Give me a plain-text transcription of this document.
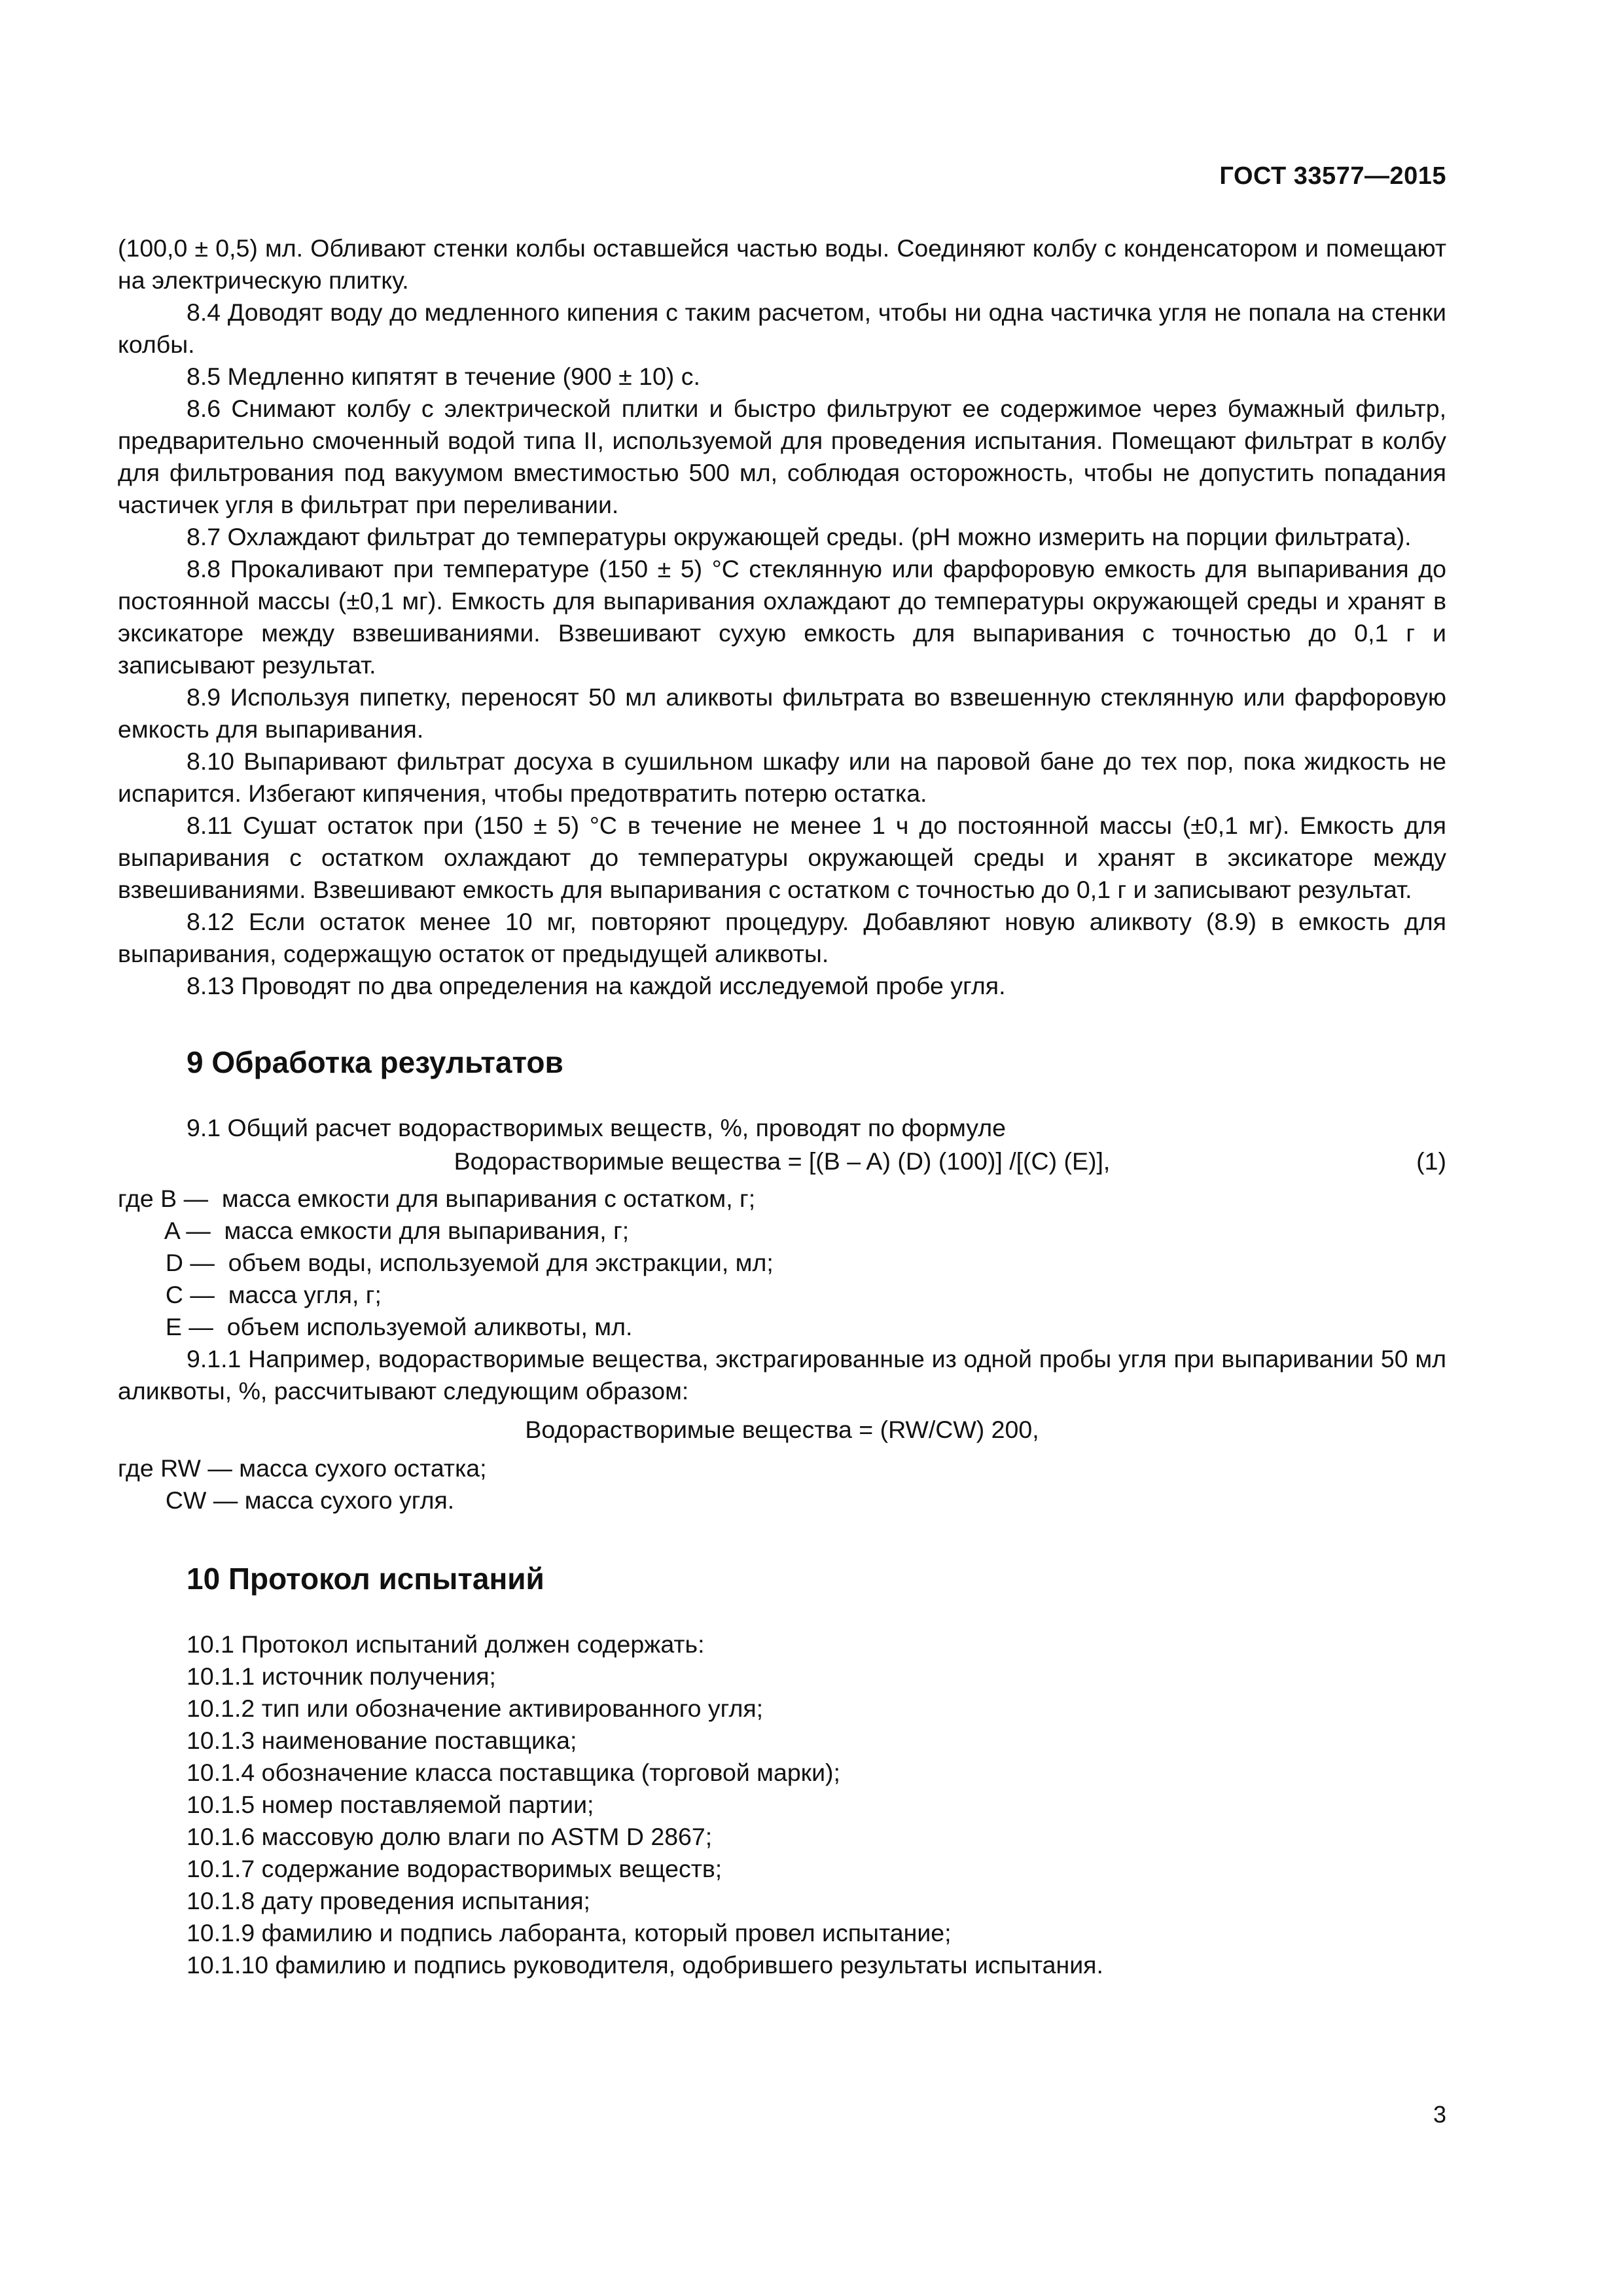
ГОСТ 33577—2015

(100,0 ± 0,5) мл. Обливают стенки колбы оставшейся частью воды. Соединяют колбу с конденсатором и помещают на электрическую плитку.

8.4 Доводят воду до медленного кипения с таким расчетом, чтобы ни одна частичка угля не попала на стенки колбы.

8.5 Медленно кипятят в течение (900 ± 10) с.

8.6 Снимают колбу с электрической плитки и быстро фильтруют ее содержимое через бумажный фильтр, предварительно смоченный водой типа II, используемой для проведения испытания. Помещают фильтрат в колбу для фильтрования под вакуумом вместимостью 500 мл, соблюдая осторожность, чтобы не допустить попадания частичек угля в фильтрат при переливании.

8.7 Охлаждают фильтрат до температуры окружающей среды. (pH можно измерить на порции фильтрата).

8.8 Прокаливают при температуре (150 ± 5) °С стеклянную или фарфоровую емкость для выпаривания до постоянной массы (±0,1 мг). Емкость для выпаривания охлаждают до температуры окружающей среды и хранят в эксикаторе между взвешиваниями. Взвешивают сухую емкость для выпаривания с точностью до 0,1 г и записывают результат.

8.9 Используя пипетку, переносят 50 мл аликвоты фильтрата во взвешенную стеклянную или фарфоровую емкость для выпаривания.

8.10 Выпаривают фильтрат досуха в сушильном шкафу или на паровой бане до тех пор, пока жидкость не испарится. Избегают кипячения, чтобы предотвратить потерю остатка.

8.11 Сушат остаток при (150 ± 5) °С в течение не менее 1 ч до постоянной массы (±0,1 мг). Емкость для выпаривания с остатком охлаждают до температуры окружающей среды и хранят в эксикаторе между взвешиваниями. Взвешивают емкость для выпаривания с остатком с точностью до 0,1 г и записывают результат.

8.12 Если остаток менее 10 мг, повторяют процедуру. Добавляют новую аликвоту (8.9) в емкость для выпаривания, содержащую остаток от предыдущей аликвоты.

8.13 Проводят по два определения на каждой исследуемой пробе угля.

9 Обработка результатов

9.1 Общий расчет водорастворимых веществ, %, проводят по формуле

Водорастворимые вещества = [(B – A) (D) (100)] /[(C) (E)],	(1)

где B —  масса емкости для выпаривания с остатком, г;

A —  масса емкости для выпаривания, г;

D —  объем воды, используемой для экстракции, мл;

C —  масса угля, г;

E —  объем используемой аликвоты, мл.

9.1.1 Например, водорастворимые вещества, экстрагированные из одной пробы угля при выпаривании 50 мл аликвоты, %, рассчитывают следующим образом:

Водорастворимые вещества = (RW/CW) 200,

где RW — масса сухого остатка;

CW — масса сухого угля.

10 Протокол испытаний

10.1 Протокол испытаний должен содержать:

10.1.1 источник получения;

10.1.2 тип или обозначение активированного угля;

10.1.3 наименование поставщика;

10.1.4 обозначение класса поставщика (торговой марки);

10.1.5 номер поставляемой партии;

10.1.6 массовую долю влаги по ASTM D 2867;

10.1.7 содержание водорастворимых веществ;

10.1.8 дату проведения испытания;

10.1.9 фамилию и подпись лаборанта, который провел испытание;

10.1.10 фамилию и подпись руководителя, одобрившего результаты испытания.

3
